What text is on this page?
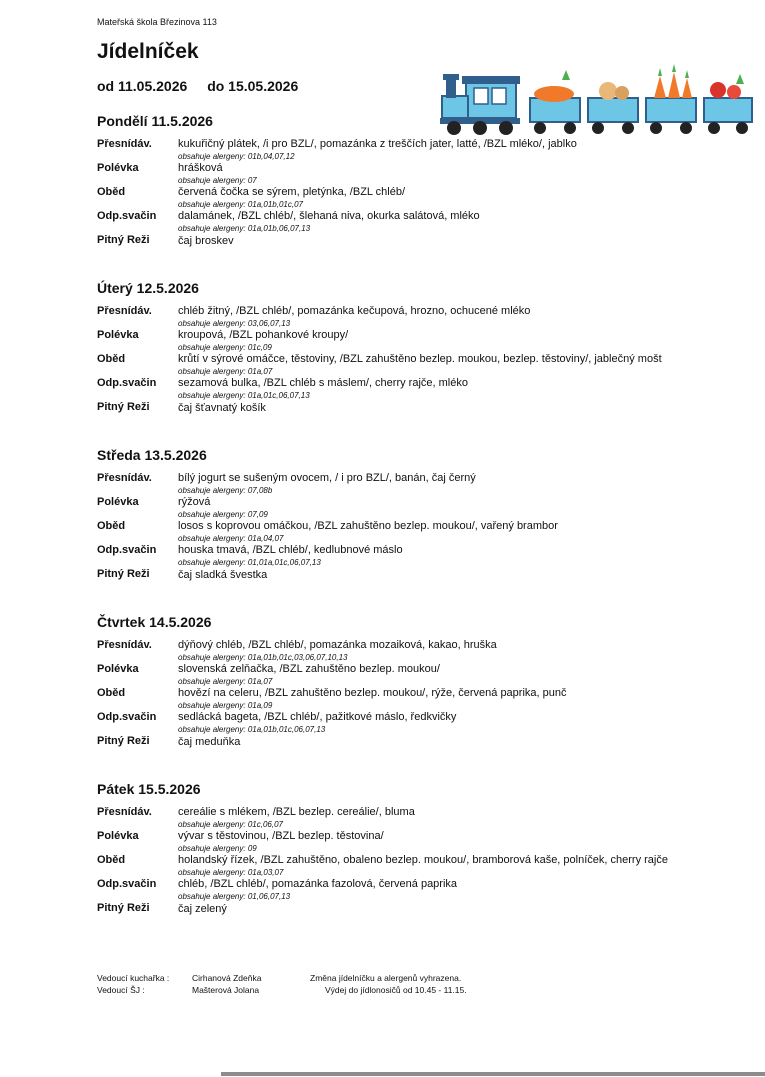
Mateřská škola Březinova 113
Jídelníček
od 11.05.2026 do 15.05.2026
Pondělí 11.5.2026
Přesnídáv.	kukuřičný plátek, /i pro BZL/, pomazánka z treščích jater, latté, /BZL mléko/, jablko
obsahuje alergeny: 01b,04,07,12
Polévka	hrášková
obsahuje alergeny: 07
Oběd	červená čočka se sýrem, pletýnka, /BZL chléb/
obsahuje alergeny: 01a,01b,01c,07
Odp.svačin	dalamánek, /BZL chléb/, šlehaná niva, okurka salátová, mléko
obsahuje alergeny: 01a,01b,06,07,13
Pitný Reži	čaj broskev
Úterý 12.5.2026
Přesnídáv.	chléb žitný, /BZL chléb/, pomazánka kečupová, hrozno, ochucené mléko
obsahuje alergeny: 03,06,07,13
Polévka	kroupová, /BZL pohankové kroupy/
obsahuje alergeny: 01c,09
Oběd	krůtí v sýrové omáčce, těstoviny, /BZL zahuštěno bezlep. moukou, bezlep. těstoviny/, jablečný mošt
obsahuje alergeny: 01a,07
Odp.svačin	sezamová bulka, /BZL chléb s máslem/, cherry rajče, mléko
obsahuje alergeny: 01a,01c,06,07,13
Pitný Reži	čaj šťavnatý košík
Středa 13.5.2026
Přesnídáv.	bílý jogurt se sušeným ovocem, / i pro BZL/, banán, čaj černý
obsahuje alergeny: 07,08b
Polévka	rýžová
obsahuje alergeny: 07,09
Oběd	losos s koprovou omáčkou, /BZL zahuštěno bezlep. moukou/, vařený brambor
obsahuje alergeny: 01a,04,07
Odp.svačin	houska tmavá, /BZL chléb/, kedlubnové máslo
obsahuje alergeny: 01,01a,01c,06,07,13
Pitný Reži	čaj sladká švestka
Čtvrtek 14.5.2026
Přesnídáv.	dýňový chléb, /BZL chléb/, pomazánka mozaiková, kakao, hruška
obsahuje alergeny: 01a,01b,01c,03,06,07,10,13
Polévka	slovenská zelňačka, /BZL zahuštěno bezlep. moukou/
obsahuje alergeny: 01a,07
Oběd	hovězí na celeru, /BZL zahuštěno bezlep. moukou/, rýže, červená paprika, punč
obsahuje alergeny: 01a,09
Odp.svačin	sedlácká bageta, /BZL chléb/, pažitkové máslo, ředkvičky
obsahuje alergeny: 01a,01b,01c,06,07,13
Pitný Reži	čaj meduňka
Pátek 15.5.2026
Přesnídáv.	cereálie s mlékem, /BZL bezlep. cereálie/, bluma
obsahuje alergeny: 01c,06,07
Polévka	vývar s těstovinou, /BZL bezlep. těstovina/
obsahuje alergeny: 09
Oběd	holandský řízek, /BZL zahuštěno, obaleno bezlep. moukou/, bramborová kaše, polníček, cherry rajče
obsahuje alergeny: 01a,03,07
Odp.svačin	chléb, /BZL chléb/, pomazánka fazolová, červená paprika
obsahuje alergeny: 01,06,07,13
Pitný Reži	čaj zelený
Vedoucí kuchařka :	Cirhanová Zdeňka	Změna jídelníčku a alergenů vyhrazena.
Vedoucí ŠJ :	Mašterová Jolana	Výdej do jídlonosičů od 10.45 - 11.15.
